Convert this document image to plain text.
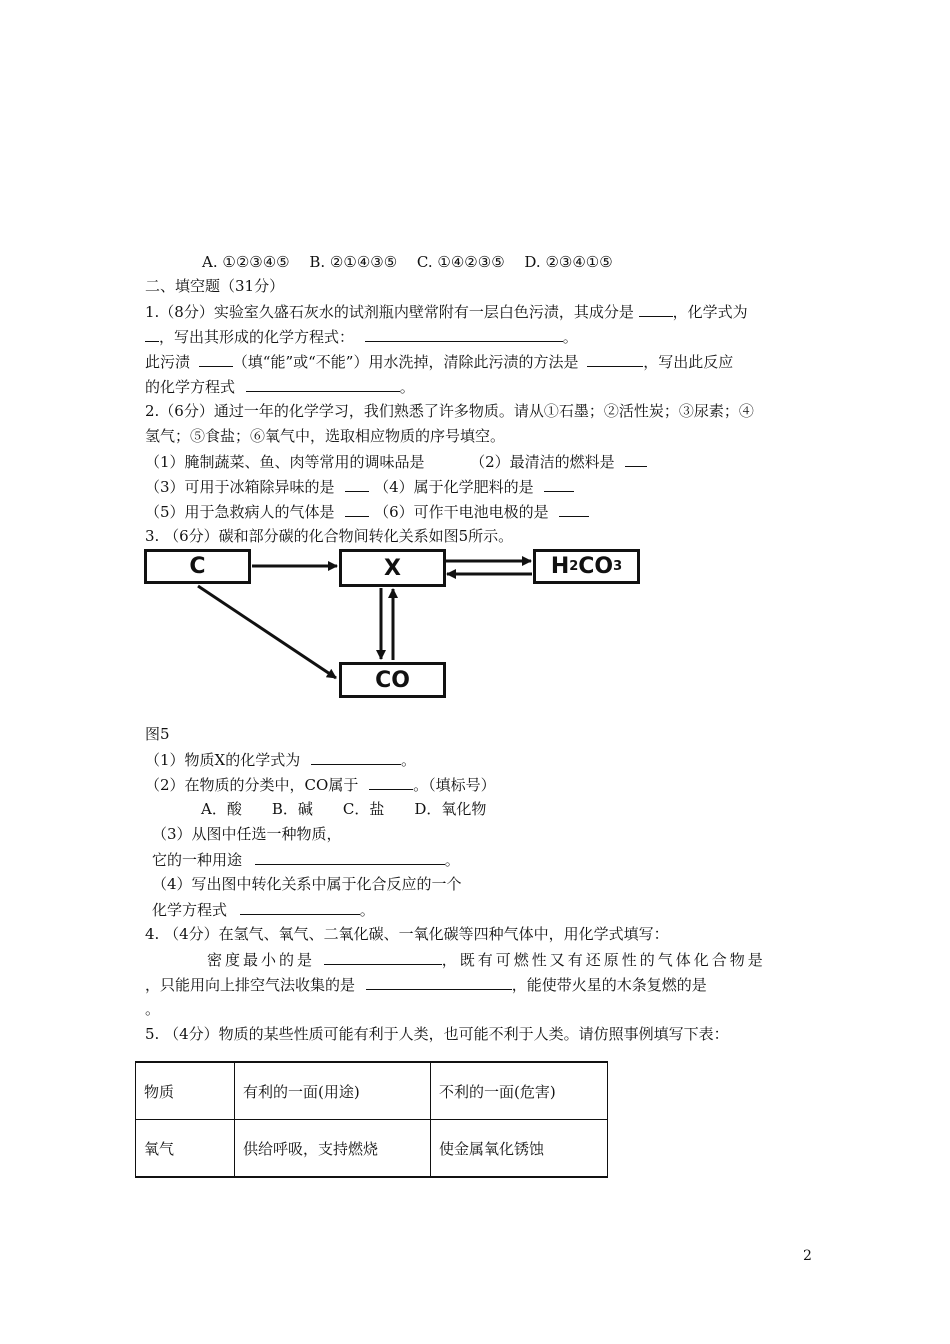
A. ①②③④⑤　 B. ②①④③⑤　 C. ①④②③⑤　 D. ②③④①⑤
二、填空题（31分）
1.（8分）实验室久盛石灰水的试剂瓶内壁常附有一层白色污渍，其成分是	，化学式为
，写出其形成的化学方程式：	。
此污渍	（填“能”或“不能”）用水洗掉，清除此污渍的方法是	，写出此反应
的化学方程式	。
2.（6分）通过一年的化学学习，我们熟悉了许多物质。请从①石墨；②活性炭；③尿素；④
氢气；⑤食盐；⑥氧气中，选取相应物质的序号填空。
（1）腌制蔬菜、鱼、肉等常用的调味品是	（2）最清洁的燃料是
（3）可用于冰箱除异味的是	（4）属于化学肥料的是
（5）用于急救病人的气体是	（6）可作干电池电极的是
3. （6分）碳和部分碳的化合物间转化关系如图5所示。
C	X	H 2 CO 3
CO
图5
（1）物质X的化学式为	。
（2）在物质的分类中，CO属于	。（填标号）
A．酸　　B．碱　　C．盐　　D．氧化物
（3）从图中任选一种物质，
它的一种用途	。
（4）写出图中转化关系中属于化合反应的一个
化学方程式	。
4. （4分）在氢气、氧气、二氧化碳、一氧化碳等四种气体中，用化学式填写：
密度最小的是	，既有可燃性又有还原性的气体化合物是
，只能用向上排空气法收集的是	，能使带火星的木条复燃的是
。
5. （4分）物质的某些性质可能有利于人类，也可能不利于人类。请仿照事例填写下表：
物质	有利的一面(用途)	不利的一面(危害)
氧气	供给呼吸，支持燃烧	使金属氧化锈蚀
2
